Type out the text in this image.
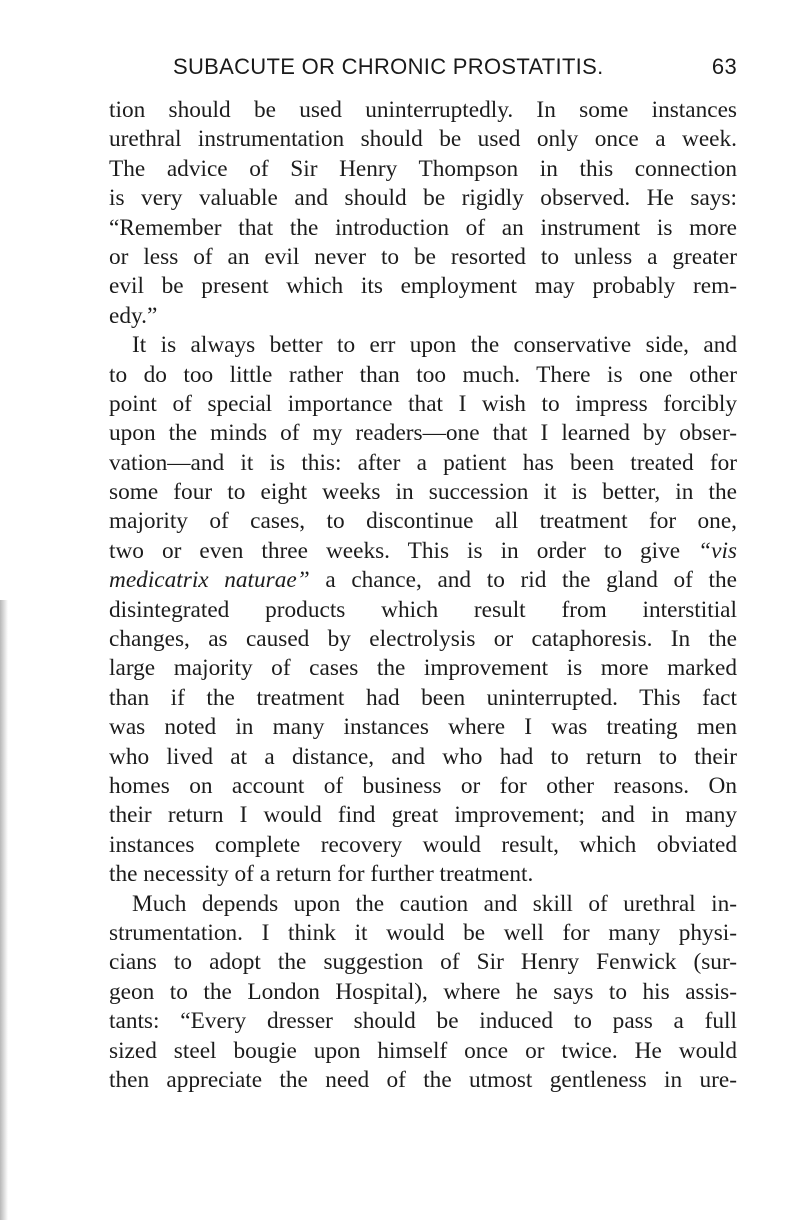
SUBACUTE OR CHRONIC PROSTATITIS.	63
tion should be used uninterruptedly. In some instances
urethral instrumentation should be used only once a week.
The advice of Sir Henry Thompson in this connection
is very valuable and should be rigidly observed. He says:
“Remember that the introduction of an instrument is more
or less of an evil never to be resorted to unless a greater
evil be present which its employment may probably rem-
edy.”
It is always better to err upon the conservative side, and
to do too little rather than too much. There is one other
point of special importance that I wish to impress forcibly
upon the minds of my readers—one that I learned by obser-
vation—and it is this: after a patient has been treated for
some four to eight weeks in succession it is better, in the
majority of cases, to discontinue all treatment for one,
two or even three weeks. This is in order to give “vis
medicatrix naturae” a chance, and to rid the gland of the
disintegrated products which result from interstitial
changes, as caused by electrolysis or cataphoresis. In the
large majority of cases the improvement is more marked
than if the treatment had been uninterrupted. This fact
was noted in many instances where I was treating men
who lived at a distance, and who had to return to their
homes on account of business or for other reasons. On
their return I would find great improvement; and in many
instances complete recovery would result, which obviated
the necessity of a return for further treatment.
Much depends upon the caution and skill of urethral in-
strumentation. I think it would be well for many physi-
cians to adopt the suggestion of Sir Henry Fenwick (sur-
geon to the London Hospital), where he says to his assis-
tants: “Every dresser should be induced to pass a full
sized steel bougie upon himself once or twice. He would
then appreciate the need of the utmost gentleness in ure-
